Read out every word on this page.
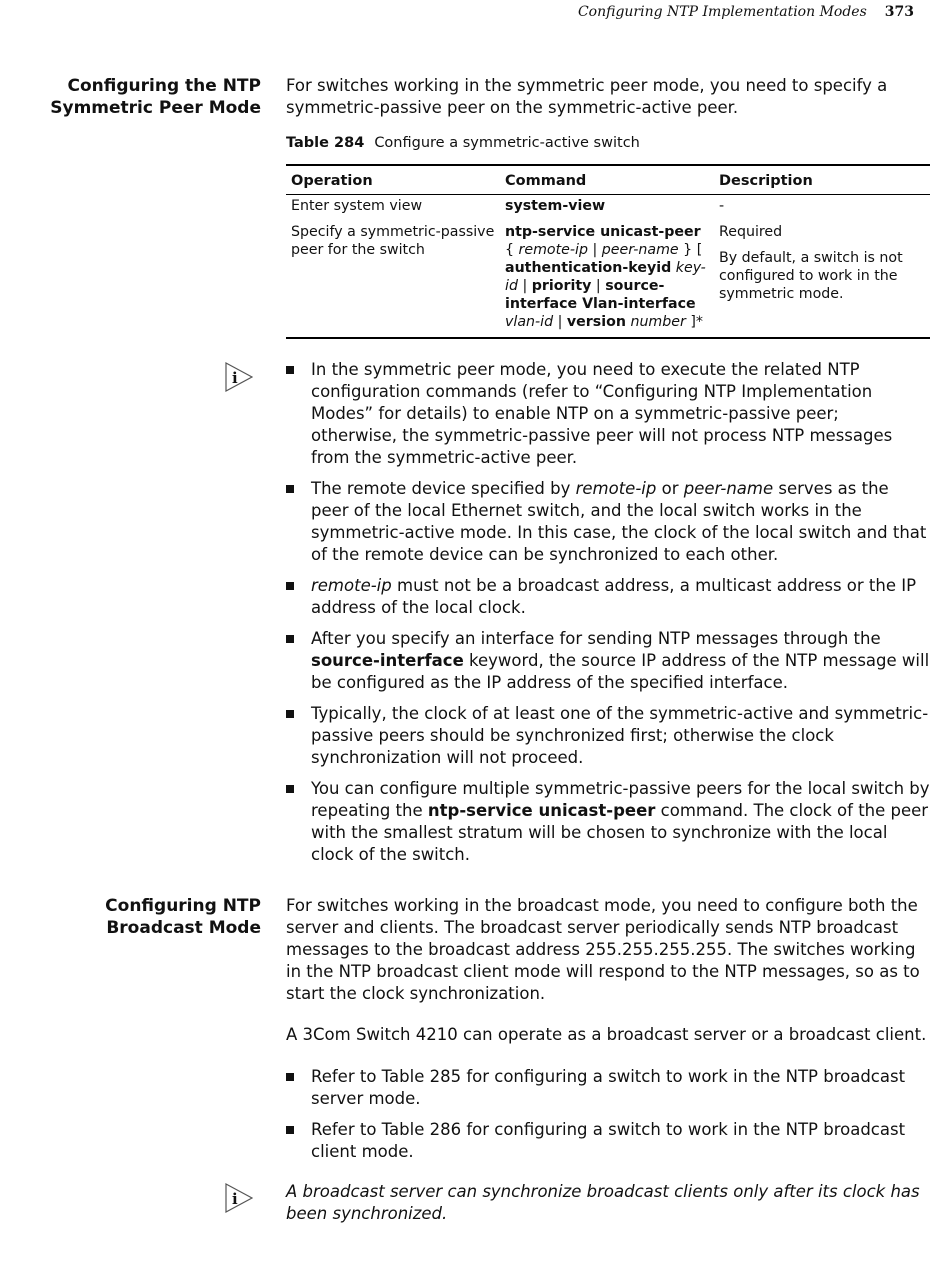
Configuring NTP Implementation Modes 373
Configuring the NTP
Symmetric Peer Mode
For switches working in the symmetric peer mode, you need to specify a symmetric-passive peer on the symmetric-active peer.
Table 284 Configure a symmetric-active switch
Operation	Command	Description
Enter system view	system-view	-
Specify a symmetric-passive peer for the switch	ntp-service unicast-peer { remote-ip | peer-name } [ authentication-keyid key-id | priority | source-interface Vlan-interface vlan-id | version number ]*	Required

By default, a switch is not configured to work in the symmetric mode.

i	In the symmetric peer mode, you need to execute the related NTP configuration commands (refer to “Configuring NTP Implementation Modes” for details) to enable NTP on a symmetric-passive peer; otherwise, the symmetric-passive peer will not process NTP messages from the symmetric-active peer.
The remote device specified by remote-ip or peer-name serves as the peer of the local Ethernet switch, and the local switch works in the symmetric-active mode. In this case, the clock of the local switch and that of the remote device can be synchronized to each other.
remote-ip must not be a broadcast address, a multicast address or the IP address of the local clock.
After you specify an interface for sending NTP messages through the source-interface keyword, the source IP address of the NTP message will be configured as the IP address of the specified interface.
Typically, the clock of at least one of the symmetric-active and symmetric-passive peers should be synchronized first; otherwise the clock synchronization will not proceed.
You can configure multiple symmetric-passive peers for the local switch by repeating the ntp-service unicast-peer command. The clock of the peer with the smallest stratum will be chosen to synchronize with the local clock of the switch.
Configuring NTP
Broadcast Mode
For switches working in the broadcast mode, you need to configure both the server and clients. The broadcast server periodically sends NTP broadcast messages to the broadcast address 255.255.255.255. The switches working in the NTP broadcast client mode will respond to the NTP messages, so as to start the clock synchronization.
A 3Com Switch 4210 can operate as a broadcast server or a broadcast client.
Refer to Table 285 for configuring a switch to work in the NTP broadcast server mode.
Refer to Table 286 for configuring a switch to work in the NTP broadcast client mode.
i	A broadcast server can synchronize broadcast clients only after its clock has been synchronized.
